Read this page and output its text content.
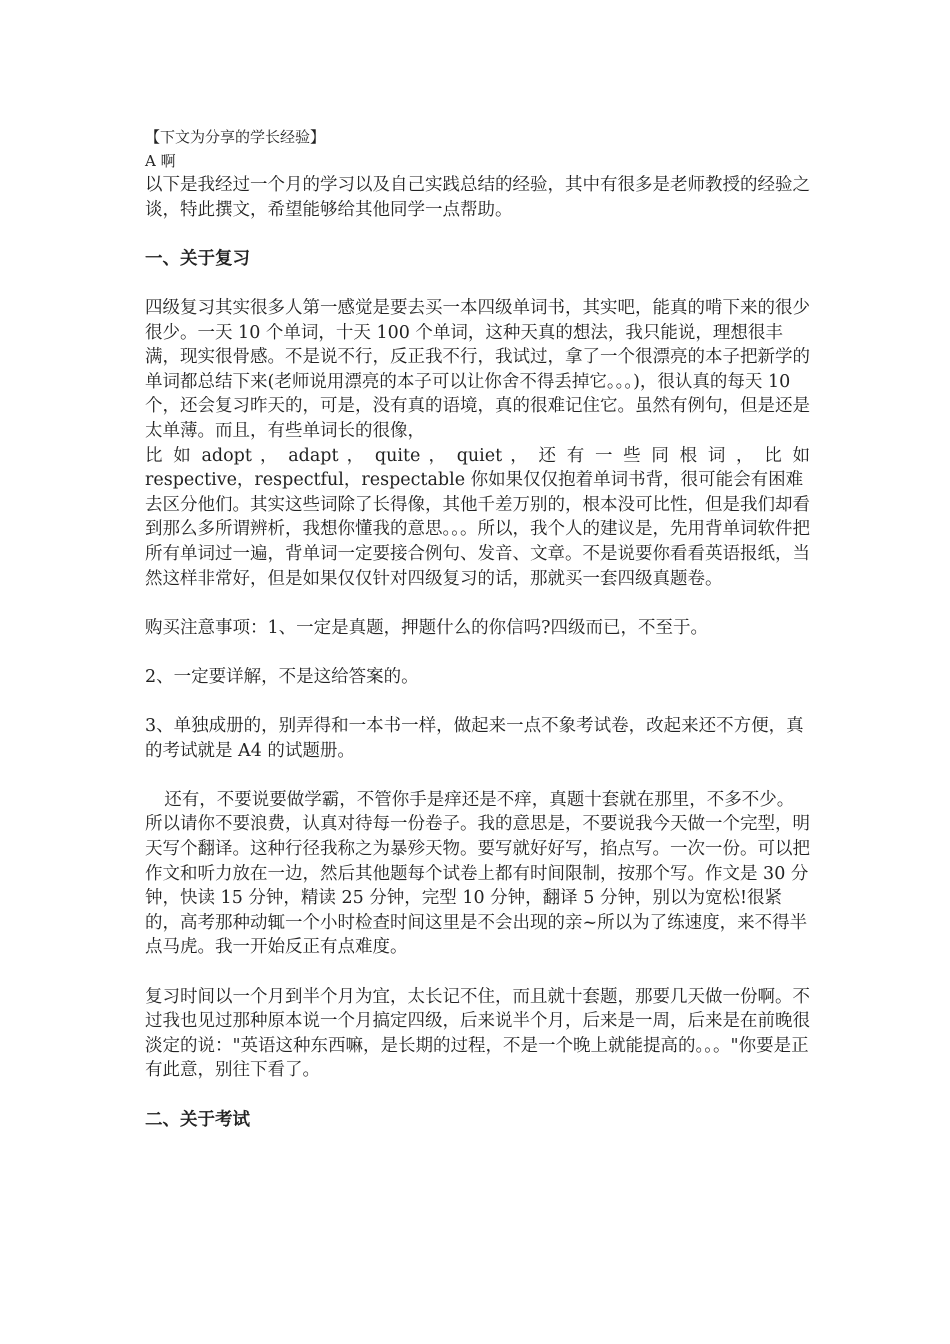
【下文为分享的学长经验】
A 啊

以下是我经过一个月的学习以及自己实践总结的经验，其中有很多是老师教授的经验之谈，特此撰文，希望能够给其他同学一点帮助。

一、关于复习

四级复习其实很多人第一感觉是要去买一本四级单词书，其实吧，能真的啃下来的很少很少。一天 10 个单词，十天 100 个单词，这种天真的想法，我只能说，理想很丰满，现实很骨感。不是说不行，反正我不行，我试过，拿了一个很漂亮的本子把新学的单词都总结下来(老师说用漂亮的本子可以让你舍不得丢掉它。。。)，很认真的每天 10 个，还会复习昨天的，可是，没有真的语境，真的很难记住它。虽然有例句，但是还是太单薄。而且，有些单词长的很像，

比 如 adopt ， adapt ， quite ， quiet ， 还 有 一 些 同 根 词 ， 比 如

respective，respectful，respectable 你如果仅仅抱着单词书背，很可能会有困难去区分他们。其实这些词除了长得像，其他千差万别的，根本没可比性，但是我们却看到那么多所谓辨析，我想你懂我的意思。。。所以，我个人的建议是，先用背单词软件把所有单词过一遍，背单词一定要接合例句、发音、文章。不是说要你看看英语报纸，当然这样非常好，但是如果仅仅针对四级复习的话，那就买一套四级真题卷。

购买注意事项：1、一定是真题，押题什么的你信吗?四级而已，不至于。

2、一定要详解，不是这给答案的。

3、单独成册的，别弄得和一本书一样，做起来一点不象考试卷，改起来还不方便，真的考试就是 A4 的试题册。

还有，不要说要做学霸，不管你手是痒还是不痒，真题十套就在那里，不多不少。所以请你不要浪费，认真对待每一份卷子。我的意思是，不要说我今天做一个完型，明天写个翻译。这种行径我称之为暴殄天物。要写就好好写，掐点写。一次一份。可以把作文和听力放在一边，然后其他题每个试卷上都有时间限制，按那个写。作文是 30 分钟，快读 15 分钟，精读 25 分钟，完型 10 分钟，翻译 5 分钟，别以为宽松!很紧的，高考那种动辄一个小时检查时间这里是不会出现的亲~所以为了练速度，来不得半点马虎。我一开始反正有点难度。

复习时间以一个月到半个月为宜，太长记不住，而且就十套题，那要几天做一份啊。不过我也见过那种原本说一个月搞定四级，后来说半个月，后来是一周，后来是在前晚很淡定的说："英语这种东西嘛，是长期的过程，不是一个晚上就能提高的。。。"你要是正有此意，别往下看了。

二、关于考试
